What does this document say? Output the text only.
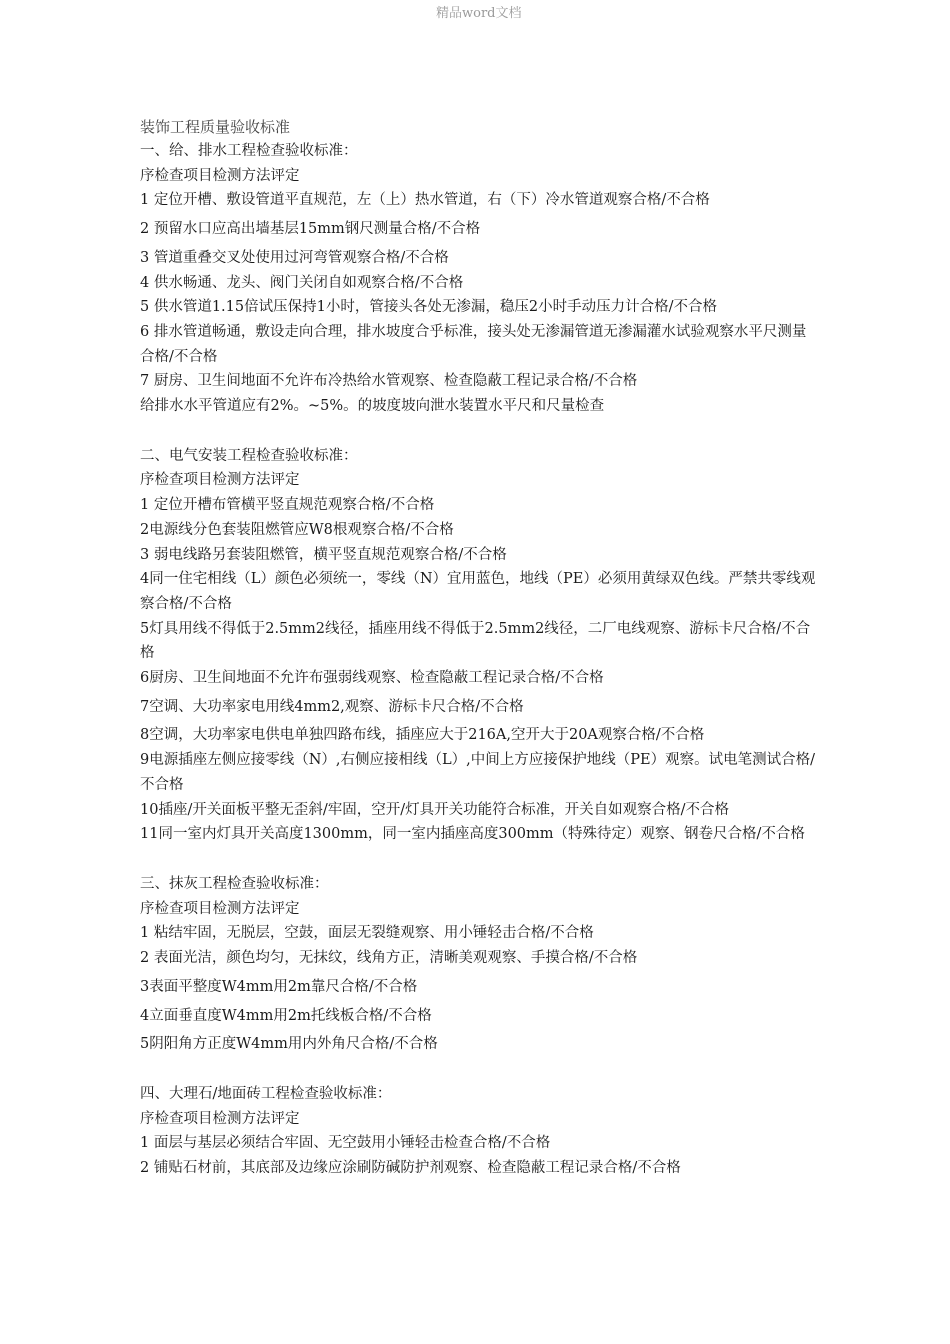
精品word文档
装饰工程质量验收标准

一、给、排水工程检查验收标准：

序检查项目检测方法评定

1 定位开槽、敷设管道平直规范，左（上）热水管道，右（下）冷水管道观察合格/不合格

2 预留水口应高出墙基层15mm钢尺测量合格/不合格

3 管道重叠交叉处使用过河弯管观察合格/不合格

4 供水畅通、龙头、阀门关闭自如观察合格/不合格

5 供水管道1.15倍试压保持1小时，管接头各处无渗漏，稳压2小时手动压力计合格/不合格

6 排水管道畅通，敷设走向合理，排水坡度合乎标准，接头处无渗漏管道无渗漏灌水试验观察水平尺测量合格/不合格

7 厨房、卫生间地面不允许布冷热给水管观察、检查隐蔽工程记录合格/不合格

给排水水平管道应有2%。~5%。的坡度坡向泄水装置水平尺和尺量检查

二、电气安装工程检查验收标准：

序检查项目检测方法评定

1 定位开槽布管横平竖直规范观察合格/不合格

2电源线分色套装阻燃管应W8根观察合格/不合格

3 弱电线路另套装阻燃管，横平竖直规范观察合格/不合格

4同一住宅相线（L）颜色必须统一，零线（N）宜用蓝色，地线（PE）必须用黄绿双色线。严禁共零线观察合格/不合格

5灯具用线不得低于2.5mm2线径，插座用线不得低于2.5mm2线径，二厂电线观察、游标卡尺合格/不合格

6厨房、卫生间地面不允许布强弱线观察、检查隐蔽工程记录合格/不合格

7空调、大功率家电用线4mm2,观察、游标卡尺合格/不合格

8空调，大功率家电供电单独四路布线，插座应大于216A,空开大于20A观察合格/不合格

9电源插座左侧应接零线（N）,右侧应接相线（L）,中间上方应接保护地线（PE）观察。试电笔测试合格/不合格

10插座/开关面板平整无歪斜/牢固，空开/灯具开关功能符合标准，开关自如观察合格/不合格

11同一室内灯具开关高度1300mm，同一室内插座高度300mm（特殊待定）观察、钢卷尺合格/不合格

三、抹灰工程检查验收标准：

序检查项目检测方法评定

1 粘结牢固，无脱层，空鼓，面层无裂缝观察、用小锤轻击合格/不合格

2 表面光洁，颜色均匀，无抹纹，线角方正，清晰美观观察、手摸合格/不合格

3表面平整度W4mm用2m靠尺合格/不合格

4立面垂直度W4mm用2m托线板合格/不合格

5阴阳角方正度W4mm用内外角尺合格/不合格

四、大理石/地面砖工程检查验收标准：

序检查项目检测方法评定

1 面层与基层必须结合牢固、无空鼓用小锤轻击检查合格/不合格

2 铺贴石材前，其底部及边缘应涂刷防碱防护剂观察、检查隐蔽工程记录合格/不合格
